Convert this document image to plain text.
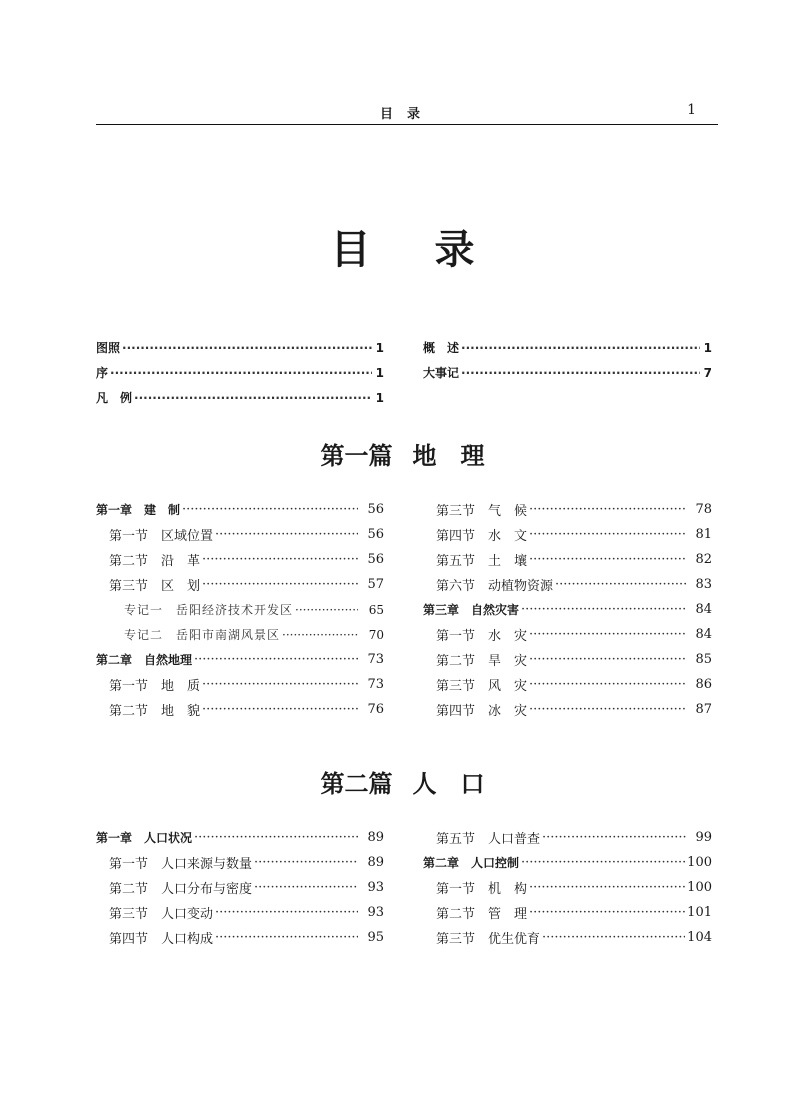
目录	1
目录
图照 ·····	1
序 ·····	1
凡　例 ·····	1
概　述 ·····	1
大事记 ·····	7
第一篇 地　理
第一章　建　制 ·····	56
第一节　区域位置 ·····	56
第二节　沿　革 ·····	56
第三节　区　划 ·····	57
专记一　岳阳经济技术开发区 ·····	65
专记二　岳阳市南湖风景区 ·····	70
第二章　自然地理 ·····	73
第一节　地　质 ·····	73
第二节　地　貌 ·····	76
第三节　气　候 ·····	78
第四节　水　文 ·····	81
第五节　土　壤 ·····	82
第六节　动植物资源 ·····	83
第三章　自然灾害 ·····	84
第一节　水　灾 ·····	84
第二节　旱　灾 ·····	85
第三节　风　灾 ·····	86
第四节　冰　灾 ·····	87
第二篇 人　口
第一章　人口状况 ·····	89
第一节　人口来源与数量 ·····	89
第二节　人口分布与密度 ·····	93
第三节　人口变动 ·····	93
第四节　人口构成 ·····	95
第五节　人口普查 ·····	99
第二章　人口控制 ·····	100
第一节　机　构 ·····	100
第二节　管　理 ·····	101
第三节　优生优育 ·····	104
